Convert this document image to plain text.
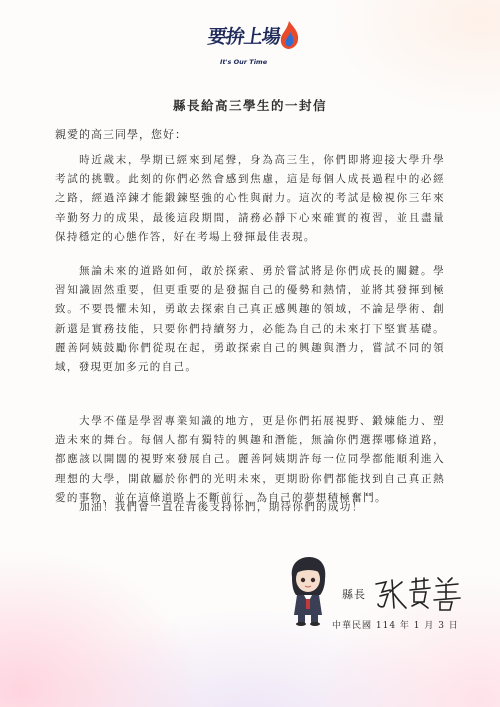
要拚上場
It's Our Time
縣長給高三學生的一封信
親愛的高三同學，您好：

時近歲末，學期已經來到尾聲，身為高三生，你們即將迎接大學升學考試的挑戰。此刻的你們必然會感到焦慮，這是每個人成長過程中的必經之路，經過淬鍊才能鍛鍊堅強的心性與耐力。這次的考試是檢視你三年來辛勤努力的成果，最後這段期間，請務必靜下心來確實的複習，並且盡量保持穩定的心態作答，好在考場上發揮最佳表現。

無論未來的道路如何，敢於探索、勇於嘗試將是你們成長的關鍵。學習知識固然重要，但更重要的是發掘自己的優勢和熱情，並將其發揮到極致。不要畏懼未知，勇敢去探索自己真正感興趣的領域，不論是學術、創新還是實務技能，只要你們持續努力，必能為自己的未來打下堅實基礎。麗善阿姨鼓勵你們從現在起，勇敢探索自己的興趣與潛力，嘗試不同的領域，發現更加多元的自己。

大學不僅是學習專業知識的地方，更是你們拓展視野、鍛煉能力、塑造未來的舞台。每個人都有獨特的興趣和潛能，無論你們選擇哪條道路，都應該以開闊的視野來發展自己。麗善阿姨期許每一位同學都能順利進入理想的大學，開啟屬於你們的光明未來，更期盼你們都能找到自己真正熱愛的事物，並在這條道路上不斷前行，為自己的夢想積極奮鬥。

加油！我們會一直在背後支持你們，期待你們的成功！

縣長
中華民國 114 年 1 月 3 日
